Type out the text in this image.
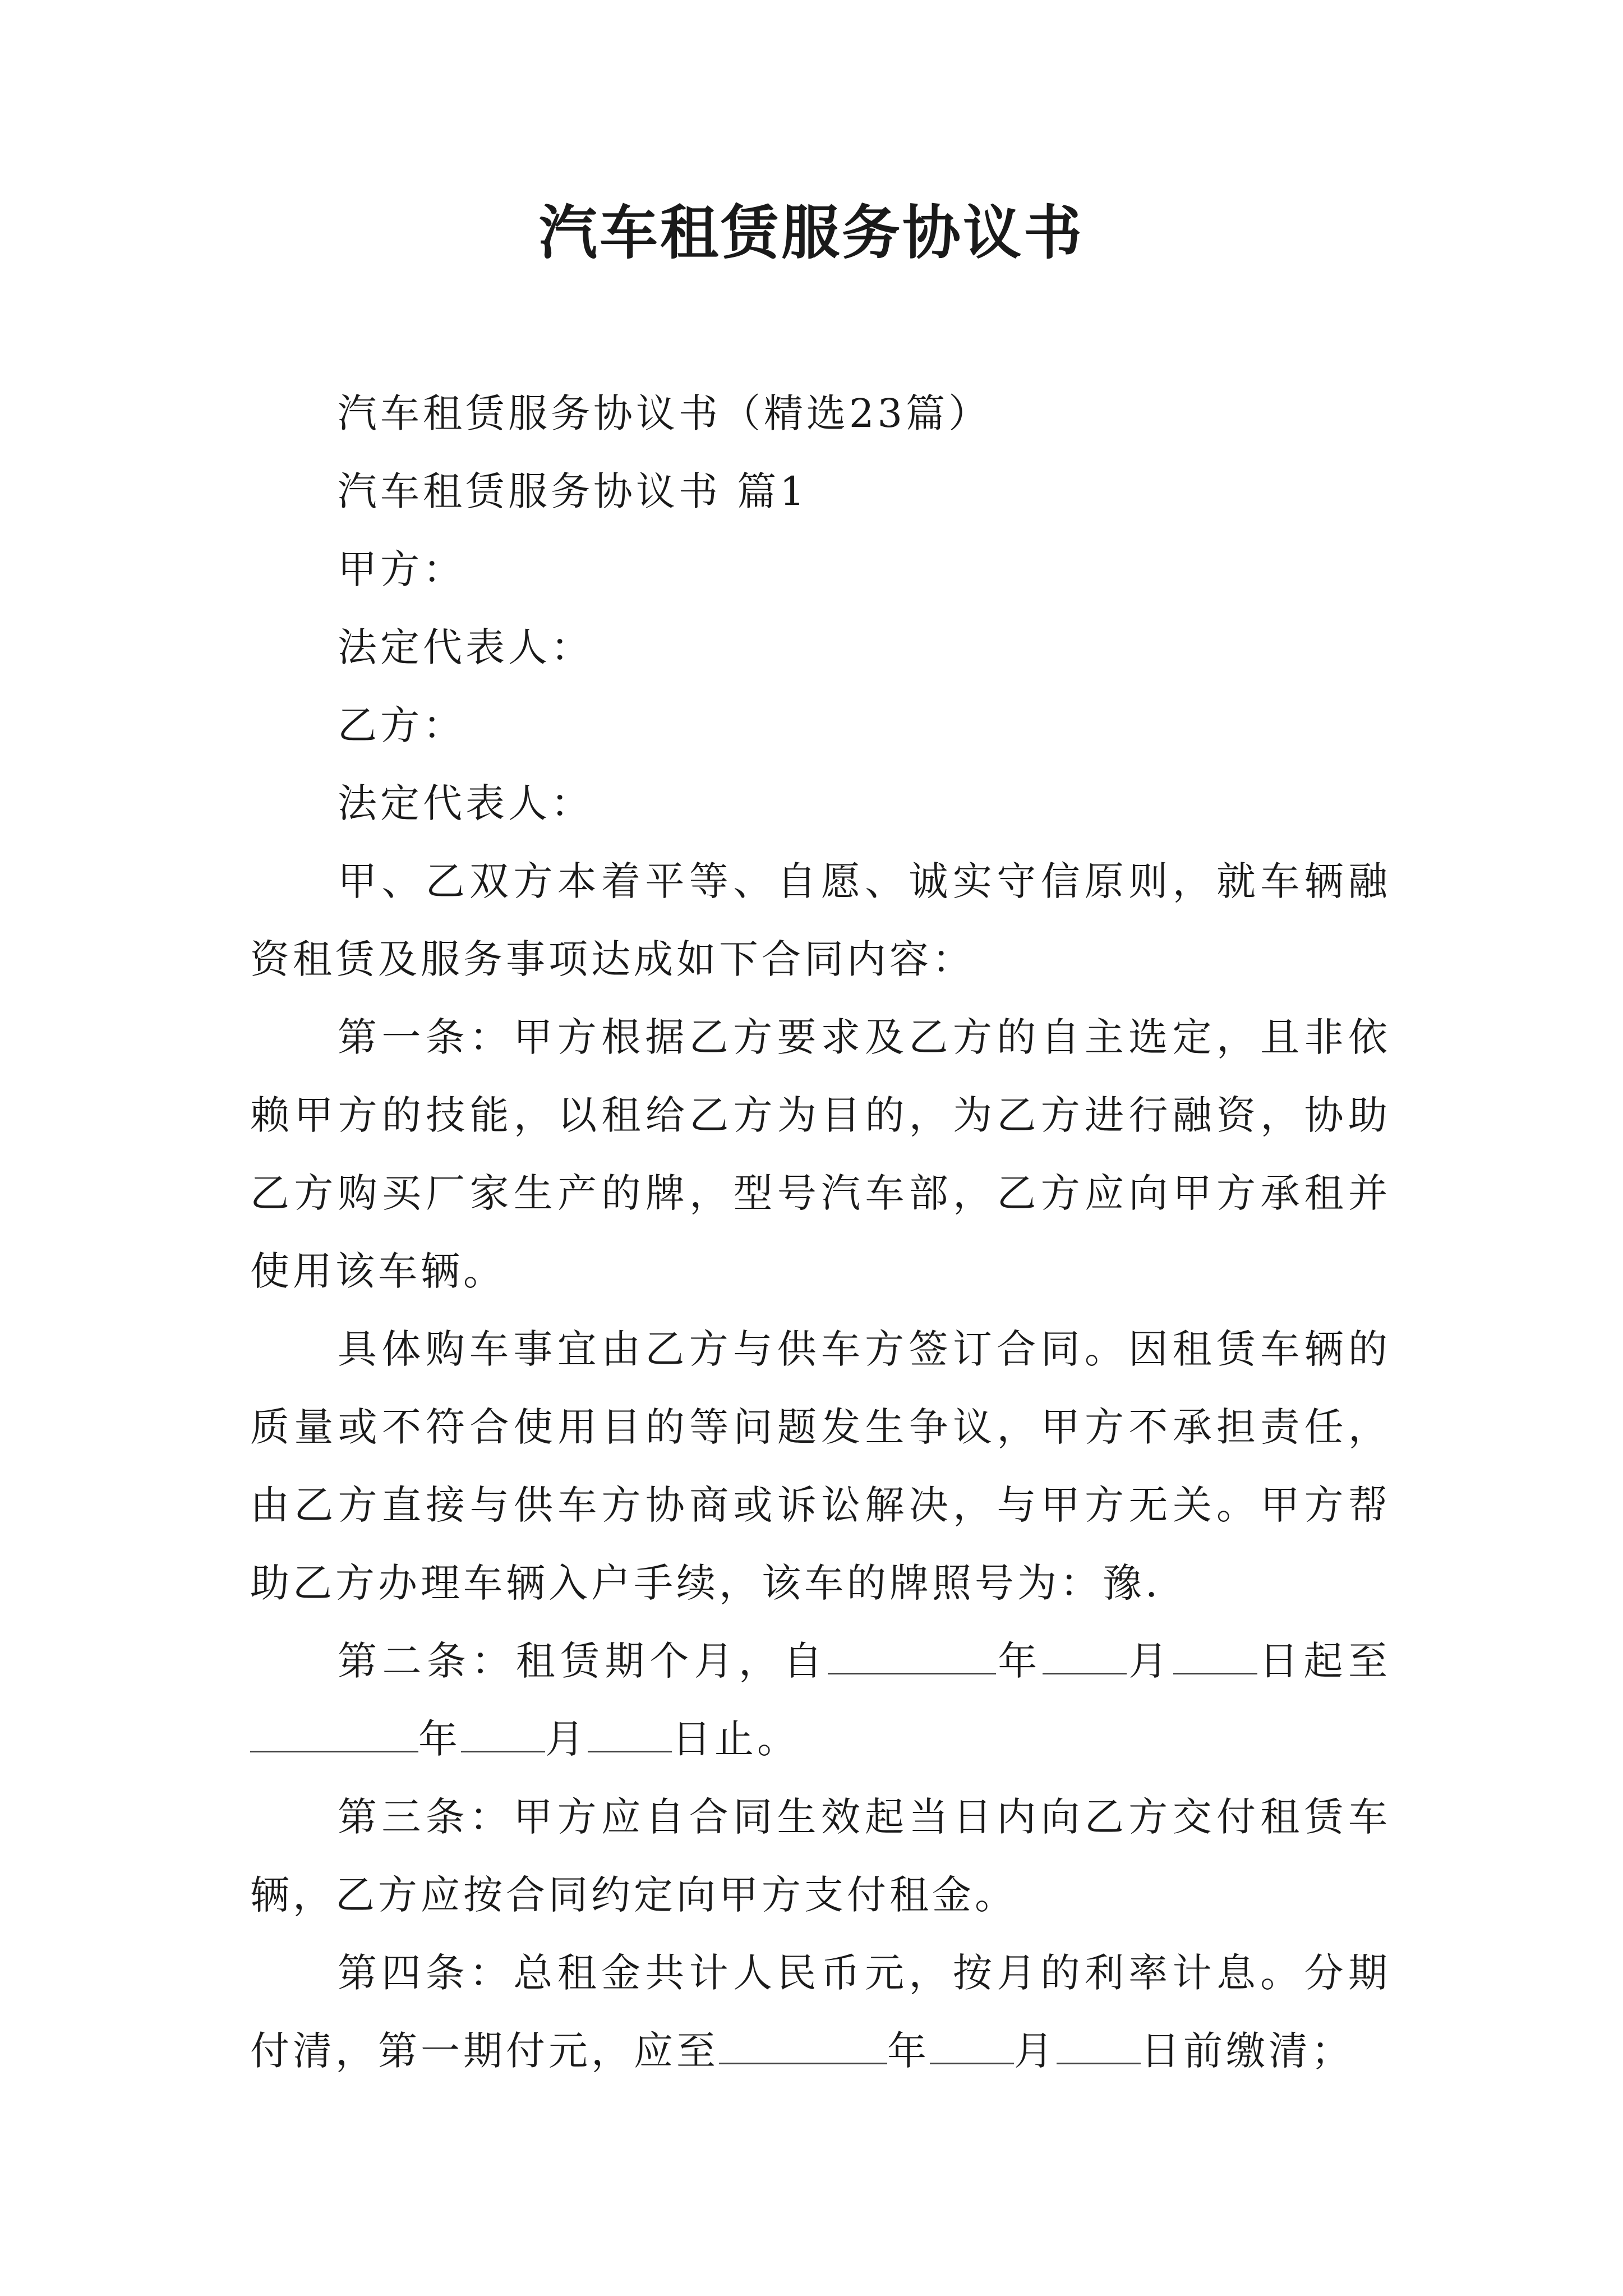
汽车租赁服务协议书

汽车租赁服务协议书（精选23篇）

汽车租赁服务协议书 篇1

甲方：

法定代表人：

乙方：

法定代表人：

甲、乙双方本着平等、自愿、诚实守信原则，就车辆融资租赁及服务事项达成如下合同内容：

第一条：甲方根据乙方要求及乙方的自主选定，且非依赖甲方的技能，以租给乙方为目的，为乙方进行融资，协助乙方购买厂家生产的牌，型号汽车部，乙方应向甲方承租并使用该车辆。

具体购车事宜由乙方与供车方签订合同。因租赁车辆的质量或不符合使用目的等问题发生争议，甲方不承担责任，由乙方直接与供车方协商或诉讼解决，与甲方无关。甲方帮助乙方办理车辆入户手续，该车的牌照号为：豫.

第二条：租赁期个月，自	年 月 日起至年 月 日止。

第三条：甲方应自合同生效起当日内向乙方交付租赁车辆，乙方应按合同约定向甲方支付租金。

第四条：总租金共计人民币元，按月的利率计息。分期付清，第一期付元，应至	年 月 日前缴清；
